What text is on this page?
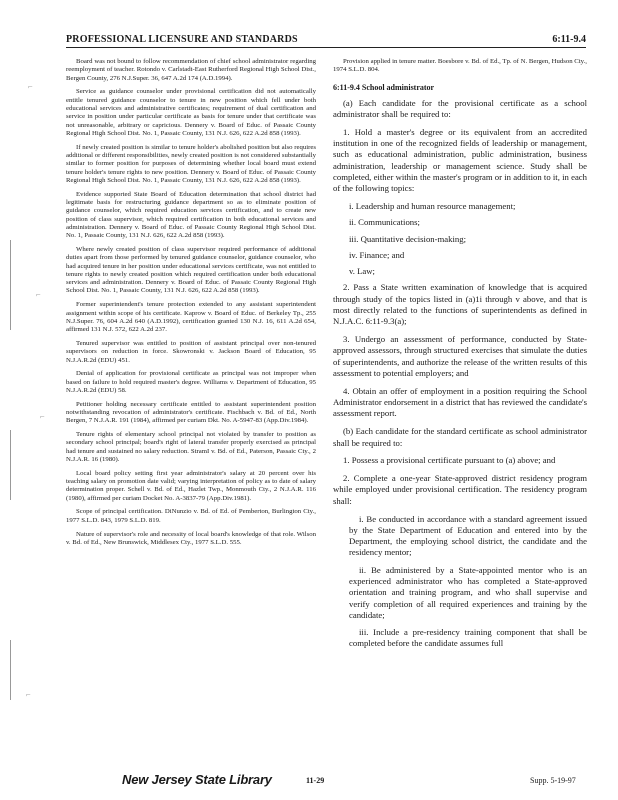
PROFESSIONAL LICENSURE AND STANDARDS	6:11-9.4
⌐
⌐
⌐
⌐

Board was not bound to follow recommendation of chief school administrator regarding reemployment of teacher. Rotondo v. Carlstadt-East Rutherford Regional High School Dist., Bergen County, 276 N.J.Super. 36, 647 A.2d 174 (A.D.1994).

Service as guidance counselor under provisional certification did not automatically entitle tenured guidance counselor to tenure in new position which fell under both educational services and administrative certificates; requirement of dual certification and service in position under particular certificate as basis for tenure under that certificate was not unreasonable, arbitrary or capricious. Dennery v. Board of Educ. of Passaic County Regional High School Dist. No. 1, Passaic County, 131 N.J. 626, 622 A.2d 858 (1993).

If newly created position is similar to tenure holder's abolished position but also requires additional or different responsibilities, newly created position is not considered substantially similar to former position for purposes of determining whether local board must extend tenure holder's tenure rights to new position. Dennery v. Board of Educ. of Passaic County Regional High School Dist. No. 1, Passaic County, 131 N.J. 626, 622 A.2d 858 (1993).

Evidence supported State Board of Education determination that school district had legitimate basis for restructuring guidance department so as to eliminate position of guidance counselor, which required education services certification, and to create new position of class supervisor, which required certification in both educational services and administration. Dennery v. Board of Educ. of Passaic County Regional High School Dist. No. 1, Passaic County, 131 N.J. 626, 622 A.2d 858 (1993).

Where newly created position of class supervisor required performance of additional duties apart from those performed by tenured guidance counselor, guidance counselor, who had acquired tenure in her position under educational services certificate, was not entitled to tenure rights to newly created position which required certification under both educational services and administration. Dennery v. Board of Educ. of Passaic County Regional High School Dist. No. 1, Passaic County, 131 N.J. 626, 622 A.2d 858 (1993).

Former superintendent's tenure protection extended to any assistant superintendent assignment within scope of his certificate. Kaprow v. Board of Educ. of Berkeley Tp., 255 N.J.Super. 76, 604 A.2d 640 (A.D.1992), certification granted 130 N.J. 16, 611 A.2d 654, affirmed 131 N.J. 572, 622 A.2d 237.

Tenured supervisor was entitled to position of assistant principal over non-tenured supervisors on reduction in force. Skowronski v. Jackson Board of Education, 95 N.J.A.R.2d (EDU) 451.

Denial of application for provisional certificate as principal was not improper when based on failure to hold required master's degree. Williams v. Department of Education, 95 N.J.A.R.2d (EDU) 58.

Petitioner holding necessary certificate entitled to assistant superintendent position notwithstanding revocation of administrator's certificate. Fischbach v. Bd. of Ed., North Bergen, 7 N.J.A.R. 191 (1984), affirmed per curiam Dkt. No. A-5947-83 (App.Div.1984).

Tenure rights of elementary school principal not violated by transfer to position as secondary school principal; board's right of lateral transfer properly exercised as principal had tenure and sustained no salary reduction. StramI v. Bd. of Ed., Paterson, Passaic Cty., 2 N.J.A.R. 16 (1980).

Local board policy setting first year administrator's salary at 20 percent over his teaching salary on promotion date valid; varying interpretation of policy as to date of salary determination proper. Schell v. Bd. of Ed., Hazlet Twp., Monmouth Cty., 2 N.J.A.R. 116 (1980), affirmed per curiam Docket No. A-3837-79 (App.Div.1981).

Scope of principal certification. DiNunzio v. Bd. of Ed. of Pemberton, Burlington Cty., 1977 S.L.D. 843, 1979 S.L.D. 819.

Nature of supervisor's role and necessity of local board's knowledge of that role. Wilson v. Bd. of Ed., New Brunswick, Middlesex Cty., 1977 S.L.D. 555.

Provision applied in tenure matter. Boesbore v. Bd. of Ed., Tp. of N. Bergen, Hudson Cty., 1974 S.L.D. 804.

6:11-9.4 School administrator

(a) Each candidate for the provisional certificate as a school administrator shall be required to:

1. Hold a master's degree or its equivalent from an accredited institution in one of the recognized fields of leadership or management, such as educational administration, public administration, business administration, leadership or management science. Study shall be completed, either within the master's program or in addition to it, in each of the following topics:

i. Leadership and human resource management;

ii. Communications;

iii. Quantitative decision-making;

iv. Finance; and

v. Law;

2. Pass a State written examination of knowledge that is acquired through study of the topics listed in (a)1i through v above, and that is most directly related to the functions of superintendents as defined in N.J.A.C. 6:11-9.3(a);

3. Undergo an assessment of performance, conducted by State-approved assessors, through structured exercises that simulate the duties of superintendents, and authorize the release of the written results of this assessment to potential employers; and

4. Obtain an offer of employment in a position requiring the School Administrator endorsement in a district that has reviewed the candidate's assessment report.

(b) Each candidate for the standard certificate as school administrator shall be required to:

1. Possess a provisional certificate pursuant to (a) above; and

2. Complete a one-year State-approved district residency program while employed under provisional certification. The residency program shall:

i. Be conducted in accordance with a standard agreement issued by the State Department of Education and entered into by the Department, the employing school district, the candidate and the residency mentor;

ii. Be administered by a State-appointed mentor who is an experienced administrator who has completed a State-approved orientation and training program, and who shall supervise and verify completion of all required experiences and training by the candidate;

iii. Include a pre-residency training component that shall be completed before the candidate assumes full

New Jersey State Library	11-29	Supp. 5-19-97
